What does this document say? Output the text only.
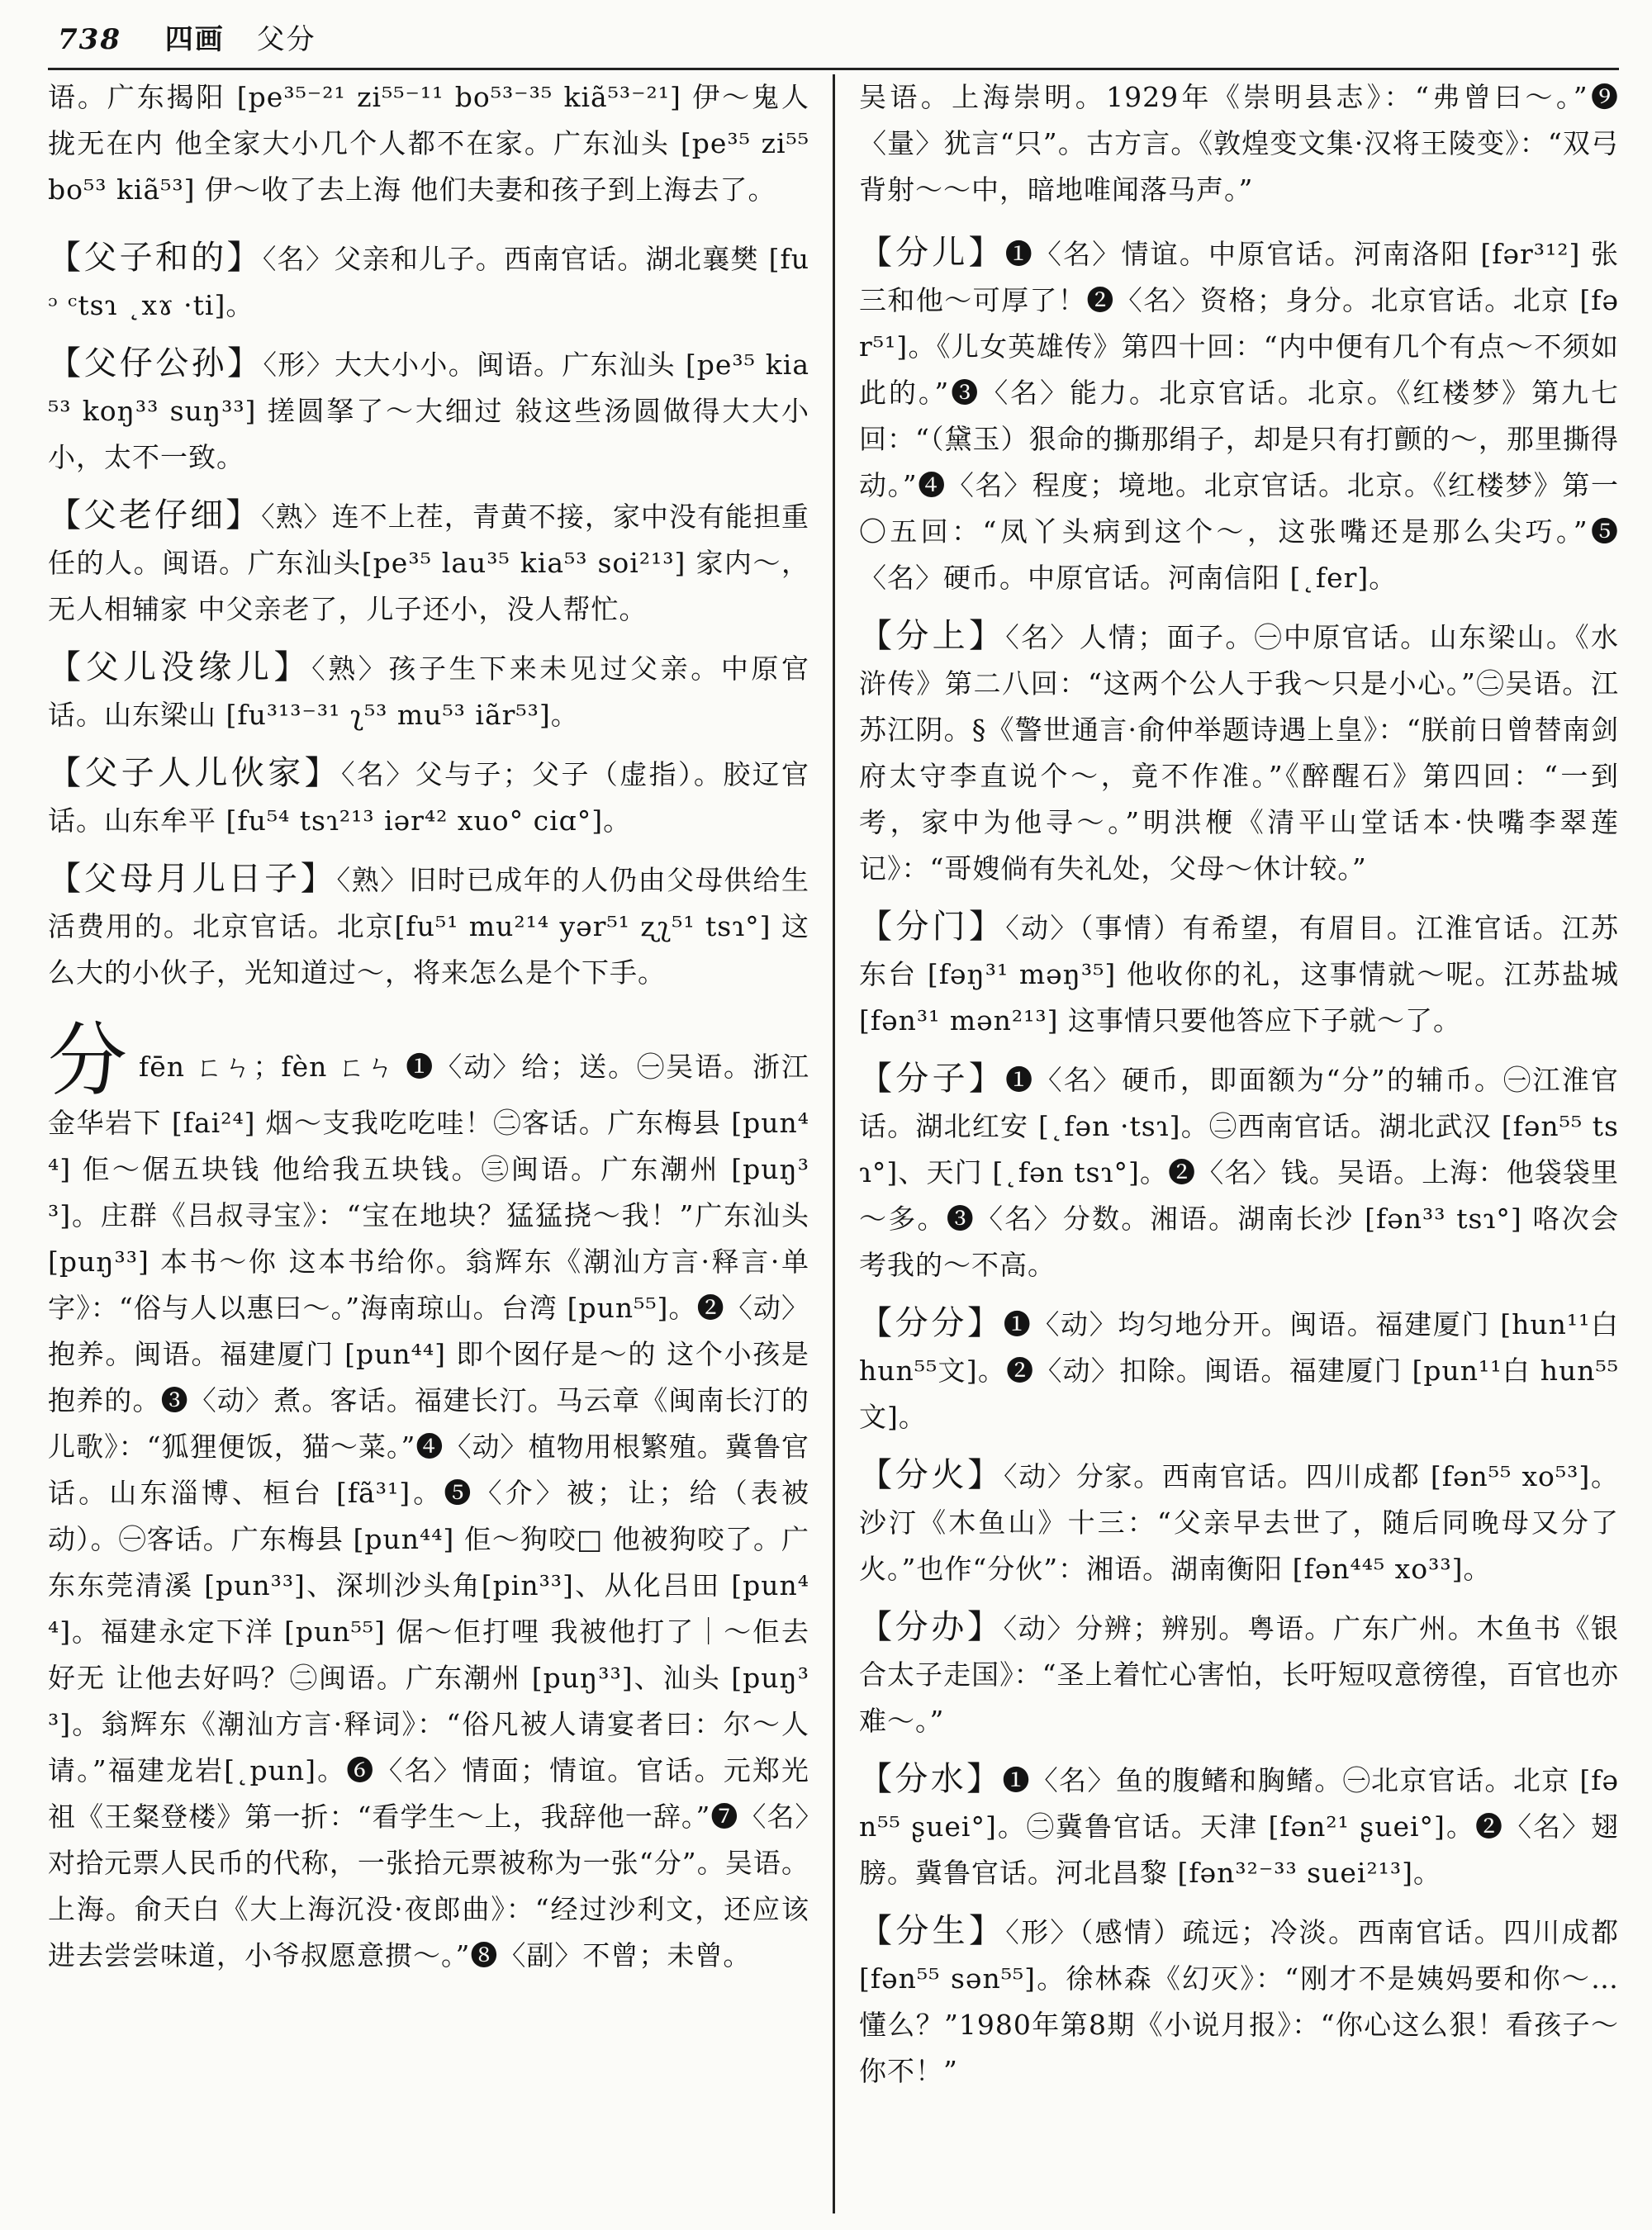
738 四画 父分

语。广东揭阳 [pe³⁵⁻²¹ zi⁵⁵⁻¹¹ bo⁵³⁻³⁵ kiã⁵³⁻²¹] 伊～鬼人拢无在内 他全家大小几个人都不在家。广东汕头 [pe³⁵ zi⁵⁵ bo⁵³ kiã⁵³] 伊～收了去上海 他们夫妻和孩子到上海去了。

【父子和的】〈名〉父亲和儿子。西南官话。湖北襄樊 [fuᵓ ᶜtsɿ ˛xɤ ·ti]。

【父仔公孙】〈形〉大大小小。闽语。广东汕头 [pe³⁵ kia⁵³ koŋ³³ suŋ³³] 搓圆拏了～大细过 敍这些汤圆做得大大小小，太不一致。

【父老仔细】〈熟〉连不上茬，青黄不接，家中没有能担重任的人。闽语。广东汕头[pe³⁵ lau³⁵ kia⁵³ soi²¹³] 家内～，无人相辅家 中父亲老了，儿子还小，没人帮忙。

【父儿没缘儿】〈熟〉孩子生下来未见过父亲。中原官话。山东梁山 [fu³¹³⁻³¹ ʅ⁵³ mu⁵³ iãr⁵³]。

【父子人儿伙家】〈名〉父与子；父子（虚指）。胶辽官话。山东牟平 [fu⁵⁴ tsɿ²¹³ iər⁴² xuo° ciɑ°]。

【父母月儿日子】〈熟〉旧时已成年的人仍由父母供给生活费用的。北京官话。北京[fu⁵¹ mu²¹⁴ yər⁵¹ ʐʅ⁵¹ tsɿ°] 这么大的小伙子，光知道过～，将来怎么是个下手。

分fēn ㄈㄣ；fèn ㄈㄣ ❶〈动〉给；送。㊀吴语。浙江金华岩下 [fai²⁴] 烟～支我吃吃哇！㊁客话。广东梅县 [pun⁴⁴] 佢～倨五块钱 他给我五块钱。㊂闽语。广东潮州 [puŋ³³]。庄群《吕叔寻宝》：“宝在地块？猛猛挠～我！”广东汕头 [puŋ³³] 本书～你 这本书给你。翁辉东《潮汕方言·释言·单字》：“俗与人以惠曰～。”海南琼山。台湾 [pun⁵⁵]。❷〈动〉抱养。闽语。福建厦门 [pun⁴⁴] 即个囡仔是～的 这个小孩是抱养的。❸〈动〉煮。客话。福建长汀。马云章《闽南长汀的儿歌》：“狐狸便饭，猫～菜。”❹〈动〉植物用根繁殖。冀鲁官话。山东淄博、桓台 [fã³¹]。❺〈介〉被；让；给（表被动）。㊀客话。广东梅县 [pun⁴⁴] 佢～狗咬□ 他被狗咬了。广东东莞清溪 [pun³³]、深圳沙头角[pin³³]、从化吕田 [pun⁴⁴]。福建永定下洋 [pun⁵⁵] 倨～佢打哩 我被他打了｜～佢去好无 让他去好吗？㊁闽语。广东潮州 [puŋ³³]、汕头 [puŋ³³]。翁辉东《潮汕方言·释词》：“俗凡被人请宴者曰：尔～人请。”福建龙岩[˛pun]。❻〈名〉情面；情谊。官话。元郑光祖《王粲登楼》第一折：“看学生～上，我辞他一辞。”❼〈名〉对拾元票人民币的代称，一张拾元票被称为一张“分”。吴语。上海。俞天白《大上海沉没·夜郎曲》：“经过沙利文，还应该进去尝尝味道，小爷叔愿意掼～。”❽〈副〉不曾；未曾。

吴语。上海崇明。1929年《崇明县志》：“弗曾曰～。”❾〈量〉犹言“只”。古方言。《敦煌变文集·汉将王陵变》：“双弓背射～～中，暗地唯闻落马声。”

【分儿】❶〈名〉情谊。中原官话。河南洛阳 [fər³¹²] 张三和他～可厚了！❷〈名〉资格；身分。北京官话。北京 [fər⁵¹]。《儿女英雄传》第四十回：“内中便有几个有点～不须如此的。”❸〈名〉能力。北京官话。北京。《红楼梦》第九七回：“（黛玉）狠命的撕那绢子，却是只有打颤的～，那里撕得动。”❹〈名〉程度；境地。北京官话。北京。《红楼梦》第一〇五回：“凤丫头病到这个～，这张嘴还是那么尖巧。”❺〈名〉硬币。中原官话。河南信阳 [˛fer]。

【分上】〈名〉人情；面子。㊀中原官话。山东梁山。《水浒传》第二八回：“这两个公人于我～只是小心。”㊁吴语。江苏江阴。§《警世通言·俞仲举题诗遇上皇》：“朕前日曾替南剑府太守李直说个～，竟不作准。”《醉醒石》第四回：“一到考，家中为他寻～。”明洪楩《清平山堂话本·快嘴李翠莲记》：“哥嫂倘有失礼处，父母～休计较。”

【分门】〈动〉（事情）有希望，有眉目。江淮官话。江苏东台 [fəŋ³¹ məŋ³⁵] 他收你的礼，这事情就～呢。江苏盐城 [fən³¹ mən²¹³] 这事情只要他答应下子就～了。

【分子】❶〈名〉硬币，即面额为“分”的辅币。㊀江淮官话。湖北红安 [˛fən ·tsɿ]。㊁西南官话。湖北武汉 [fən⁵⁵ tsɿ°]、天门 [˛fən tsɿ°]。❷〈名〉钱。吴语。上海：他袋袋里～多。❸〈名〉分数。湘语。湖南长沙 [fən³³ tsɿ°] 咯次会考我的～不高。

【分分】❶〈动〉均匀地分开。闽语。福建厦门 [hun¹¹白 hun⁵⁵文]。❷〈动〉扣除。闽语。福建厦门 [pun¹¹白 hun⁵⁵文]。

【分火】〈动〉分家。西南官话。四川成都 [fən⁵⁵ xo⁵³]。沙汀《木鱼山》十三：“父亲早去世了，随后同晚母又分了火。”也作“分伙”：湘语。湖南衡阳 [fən⁴⁴⁵ xo³³]。

【分办】〈动〉分辨；辨别。粤语。广东广州。木鱼书《银合太子走国》：“圣上着忙心害怕，长吁短叹意徬徨，百官也亦难～。”

【分水】❶〈名〉鱼的腹鳍和胸鳍。㊀北京官话。北京 [fən⁵⁵ ʂuei°]。㊁冀鲁官话。天津 [fən²¹ ʂuei°]。❷〈名〉翅膀。冀鲁官话。河北昌黎 [fən³²⁻³³ suei²¹³]。

【分生】〈形〉（感情）疏远；冷淡。西南官话。四川成都 [fən⁵⁵ sən⁵⁵]。徐林森《幻灭》：“刚才不是姨妈要和你～…懂么？”1980年第8期《小说月报》：“你心这么狠！看孩子～你不！”
